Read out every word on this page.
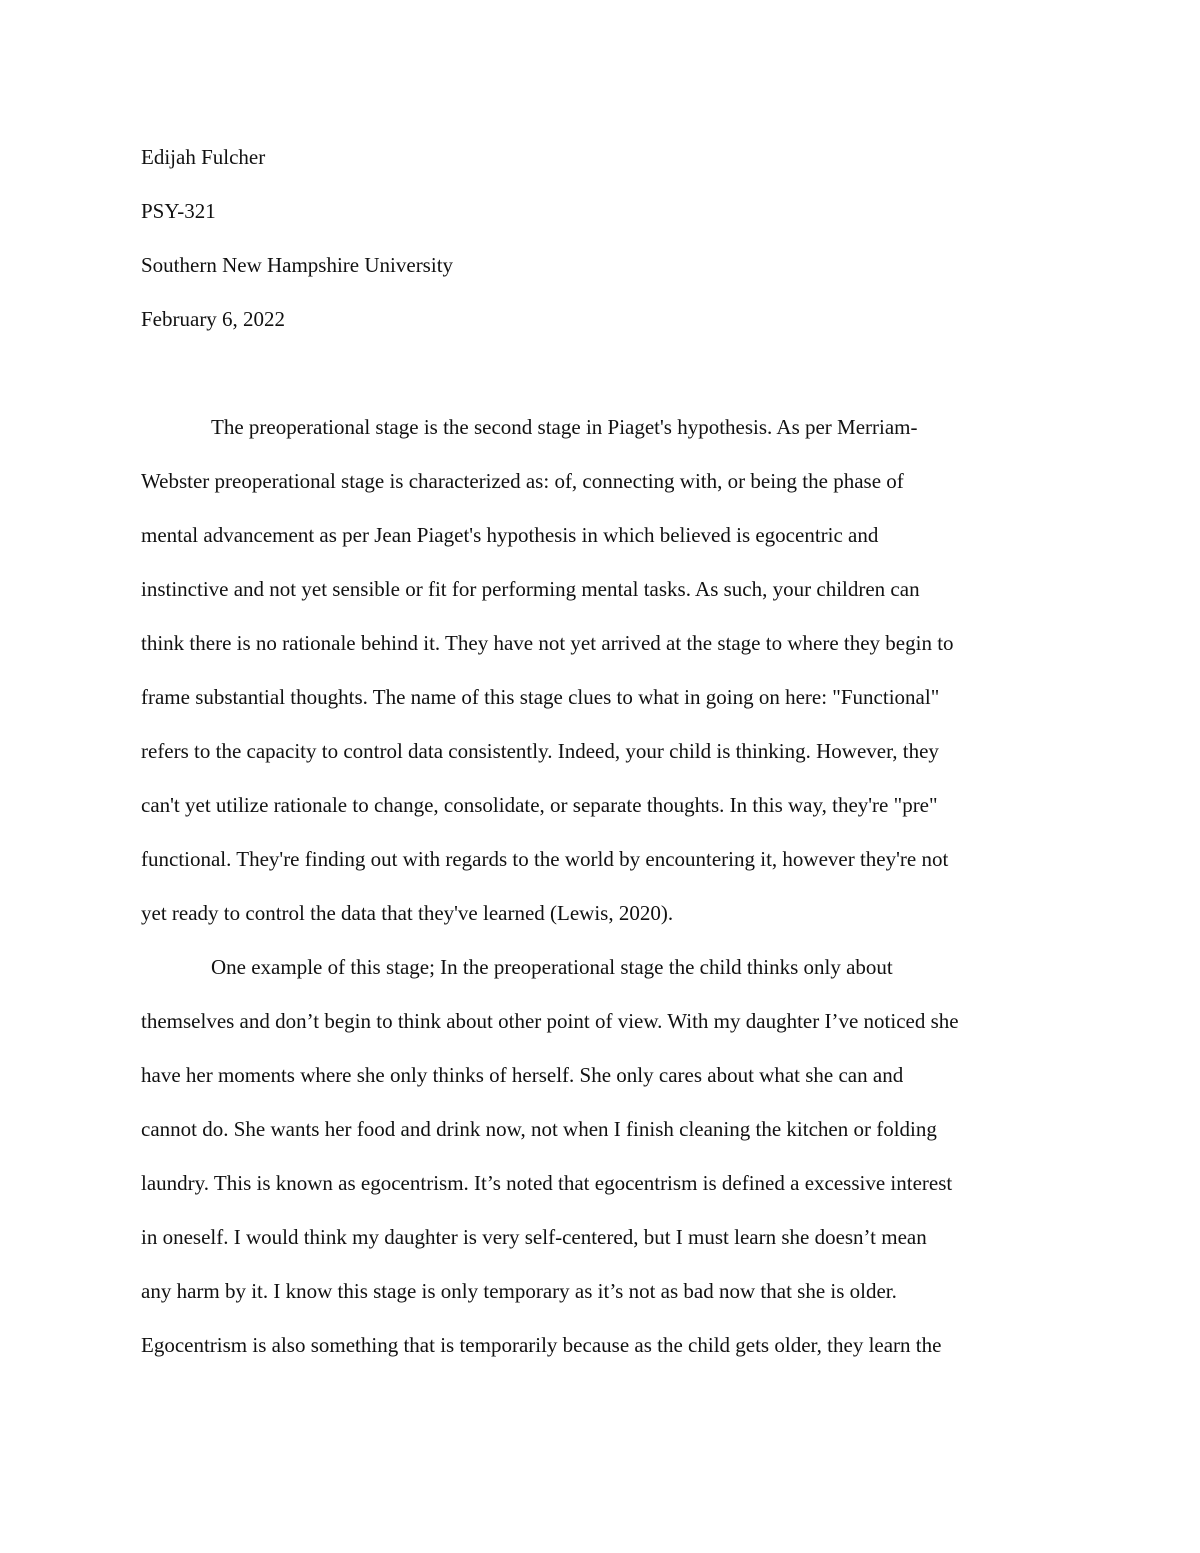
Edijah Fulcher
PSY-321
Southern New Hampshire University
February 6, 2022
The preoperational stage is the second stage in Piaget's hypothesis. As per Merriam-
Webster preoperational stage is characterized as: of, connecting with, or being the phase of
mental advancement as per Jean Piaget's hypothesis in which believed is egocentric and
instinctive and not yet sensible or fit for performing mental tasks. As such, your children can
think there is no rationale behind it. They have not yet arrived at the stage to where they begin to
frame substantial thoughts. The name of this stage clues to what in going on here: "Functional"
refers to the capacity to control data consistently. Indeed, your child is thinking. However, they
can't yet utilize rationale to change, consolidate, or separate thoughts. In this way, they're "pre"
functional. They're finding out with regards to the world by encountering it, however they're not
yet ready to control the data that they've learned (Lewis, 2020).
One example of this stage; In the preoperational stage the child thinks only about
themselves and don’t begin to think about other point of view. With my daughter I’ve noticed she
have her moments where she only thinks of herself. She only cares about what she can and
cannot do. She wants her food and drink now, not when I finish cleaning the kitchen or folding
laundry. This is known as egocentrism. It’s noted that egocentrism is defined a excessive interest
in oneself. I would think my daughter is very self-centered, but I must learn she doesn’t mean
any harm by it. I know this stage is only temporary as it’s not as bad now that she is older.
Egocentrism is also something that is temporarily because as the child gets older, they learn the
